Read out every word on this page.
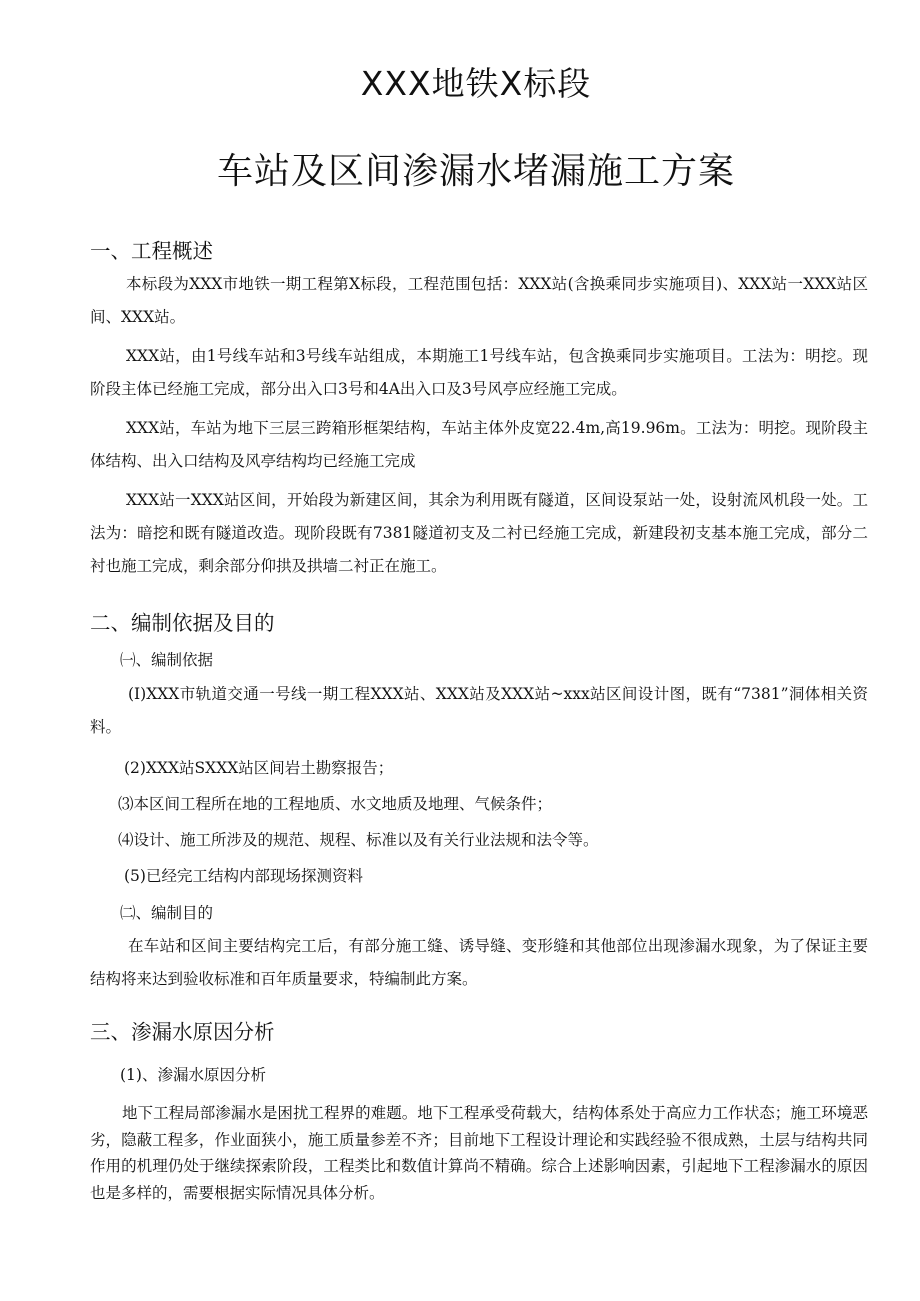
XXX地铁X标段
车站及区间渗漏水堵漏施工方案
一、工程概述
本标段为XXX市地铁一期工程第X标段，工程范围包括：XXX站(含换乘同步实施项目)、XXX站一XXX站区间、XXX站。
XXX站，由1号线车站和3号线车站组成，本期施工1号线车站，包含换乘同步实施项目。工法为：明挖。现阶段主体已经施工完成，部分出入口3号和4A出入口及3号风亭应经施工完成。
XXX站，车站为地下三层三跨箱形框架结构，车站主体外皮宽22.4m,高19.96m。工法为：明挖。现阶段主体结构、出入口结构及风亭结构均已经施工完成
XXX站一XXX站区间，开始段为新建区间，其余为利用既有隧道，区间设泵站一处，设射流风机段一处。工法为：暗挖和既有隧道改造。现阶段既有7381隧道初支及二衬已经施工完成，新建段初支基本施工完成，部分二衬也施工完成，剩余部分仰拱及拱墙二衬正在施工。
二、编制依据及目的
㈠、编制依据
(I)XXX市轨道交通一号线一期工程XXX站、XXX站及XXX站~xxx站区间设计图，既有“7381”洞体相关资料。
(2)XXX站SXXX站区间岩土勘察报告；
⑶本区间工程所在地的工程地质、水文地质及地理、气候条件；
⑷设计、施工所涉及的规范、规程、标准以及有关行业法规和法令等。
(5)已经完工结构内部现场探测资料
㈡、编制目的
在车站和区间主要结构完工后，有部分施工缝、诱导缝、变形缝和其他部位出现渗漏水现象，为了保证主要结构将来达到验收标准和百年质量要求，特编制此方案。
三、渗漏水原因分析
(1)、渗漏水原因分析
地下工程局部渗漏水是困扰工程界的难题。地下工程承受荷载大，结构体系处于高应力工作状态；施工环境恶劣，隐蔽工程多，作业面狭小，施工质量参差不齐；目前地下工程设计理论和实践经验不很成熟，土层与结构共同作用的机理仍处于继续探索阶段，工程类比和数值计算尚不精确。综合上述影响因素，引起地下工程渗漏水的原因也是多样的，需要根据实际情况具体分析。
